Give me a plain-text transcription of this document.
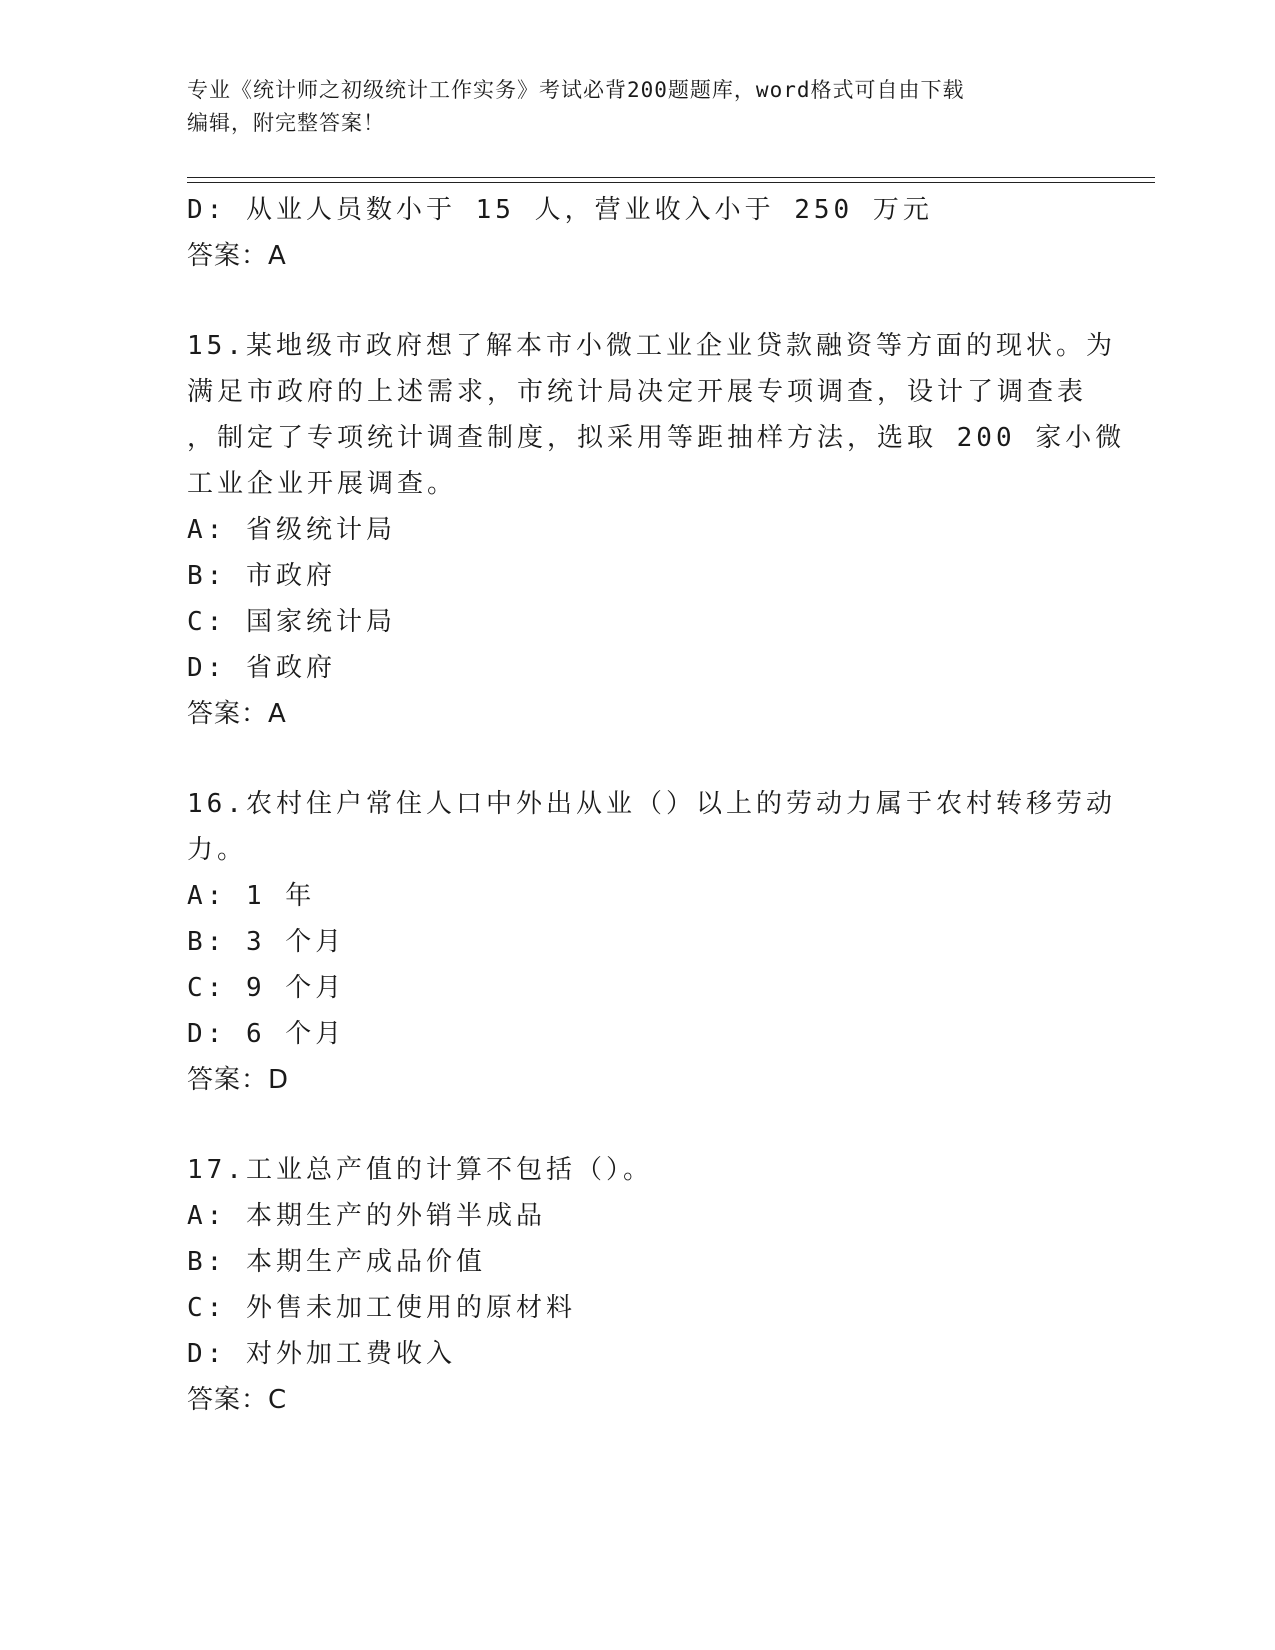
专业《统计师之初级统计工作实务》考试必背200题题库，word格式可自由下载
编辑，附完整答案！
D: 从业人员数小于 15 人，营业收入小于 250 万元
答案：A
15.某地级市政府想了解本市小微工业企业贷款融资等方面的现状。为
满足市政府的上述需求，市统计局决定开展专项调查，设计了调查表
，制定了专项统计调查制度，拟采用等距抽样方法，选取 200 家小微
工业企业开展调查。
A: 省级统计局
B: 市政府
C: 国家统计局
D: 省政府
答案：A
16.农村住户常住人口中外出从业（）以上的劳动力属于农村转移劳动
力。
A: 1 年
B: 3 个月
C: 9 个月
D: 6 个月
答案：D
17.工业总产值的计算不包括（）。
A: 本期生产的外销半成品
B: 本期生产成品价值
C: 外售未加工使用的原材料
D: 对外加工费收入
答案：C
